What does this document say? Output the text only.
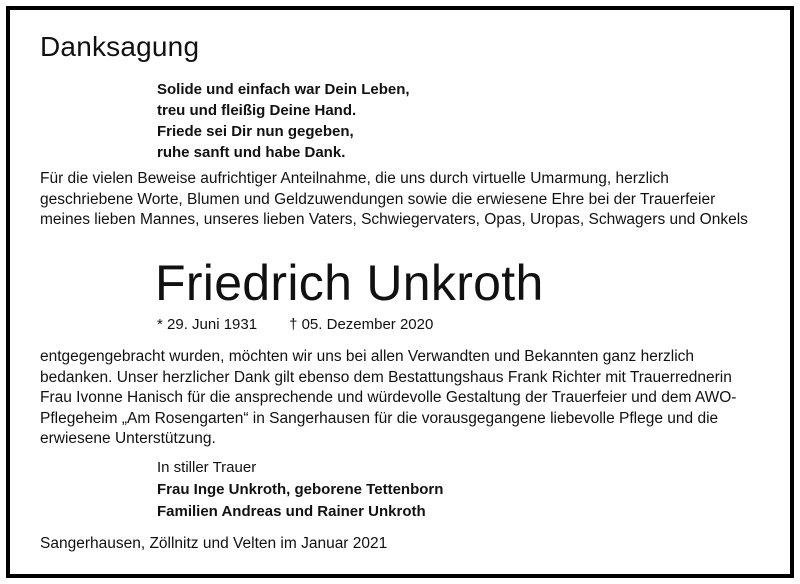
Danksagung
Solide und einfach war Dein Leben,
treu und fleißig Deine Hand.
Friede sei Dir nun gegeben,
ruhe sanft und habe Dank.

Für die vielen Beweise aufrichtiger Anteilnahme, die uns durch virtuelle Umarmung, herzlich geschriebene Worte, Blumen und Geldzuwendungen sowie die erwiesene Ehre bei der Trauerfeier meines lieben Mannes, unseres lieben Vaters, Schwiegervaters, Opas, Uropas, Schwagers und Onkels

Friedrich Unkroth

* 29. Juni 1931 † 05. Dezember 2020

entgegengebracht wurden, möchten wir uns bei allen Verwandten und Bekannten ganz herzlich bedanken. Unser herzlicher Dank gilt ebenso dem Bestattungshaus Frank Richter mit Trauerrednerin Frau Ivonne Hanisch für die ansprechende und würdevolle Gestaltung der Trauerfeier und dem AWO-Pflegeheim „Am Rosengarten“ in Sangerhausen für die vorausgegangene liebevolle Pflege und die erwiesene Unterstützung.

In stiller Trauer
Frau Inge Unkroth, geborene Tettenborn
Familien Andreas und Rainer Unkroth

Sangerhausen, Zöllnitz und Velten im Januar 2021
